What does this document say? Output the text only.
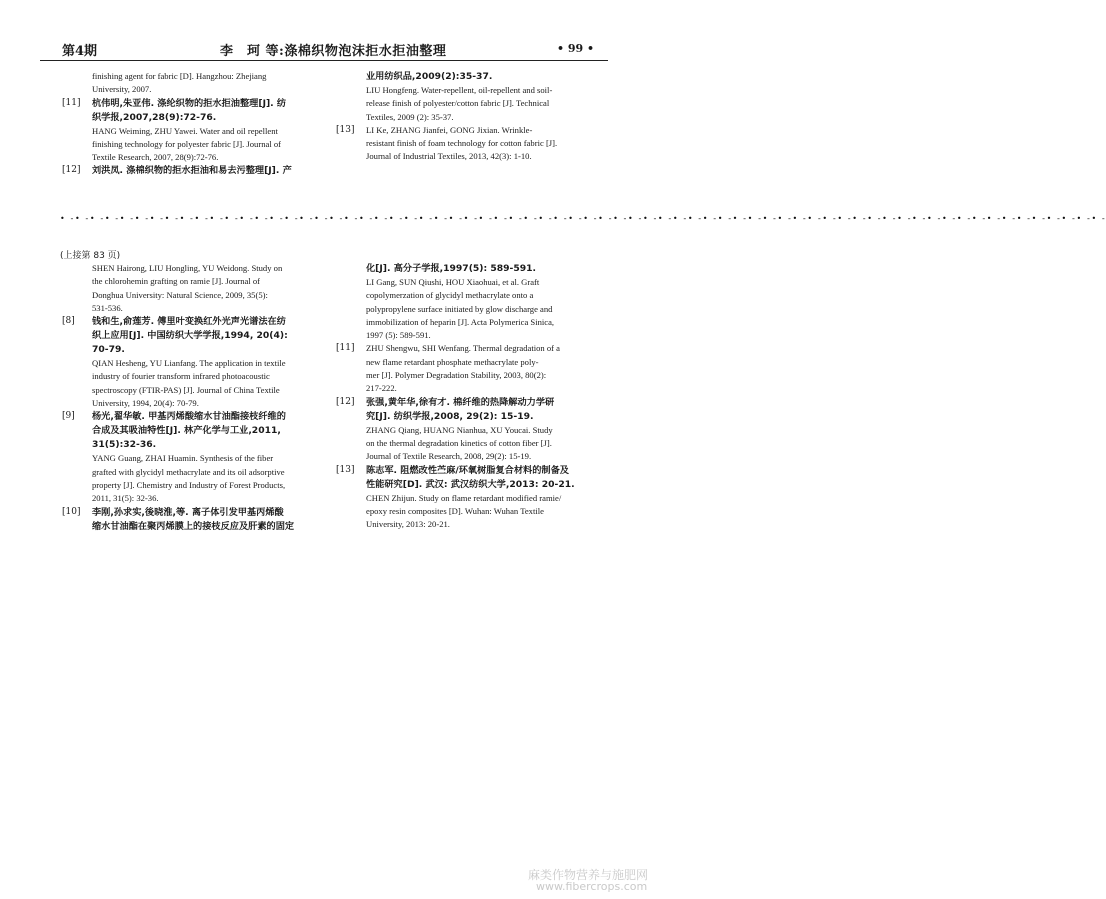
第4期	李　珂 等:涤棉织物泡沫拒水拒油整理	• 99 •
finishing agent for fabric [D]. Hangzhou: Zhejiang
University, 2007.
[11] 杭伟明,朱亚伟. 涤纶织物的拒水拒油整理[J]. 纺
织学报,2007,28(9):72-76.
HANG Weiming, ZHU Yawei. Water and oil repellent
finishing technology for polyester fabric [J]. Journal of
Textile Research, 2007, 28(9):72-76.
[12] 刘洪凤. 涤棉织物的拒水拒油和易去污整理[J]. 产
业用纺织品,2009(2):35-37.
LIU Hongfeng. Water-repellent, oil-repellent and soil-
release finish of polyester/cotton fabric [J]. Technical
Textiles, 2009 (2): 35-37.
[13] LI Ke, ZHANG Jianfei, GONG Jixian. Wrinkle-
resistant finish of foam technology for cotton fabric [J].
Journal of Industrial Textiles, 2013, 42(3): 1-10.
• -• -• -• -• -• -• -• -• -• -• -• -• -• -• -• -• -• -• -• -• -• -• -• -• -• -• -• -• -• -• -• -• -• -• -• -• -• -• -• -• -• -• -• -• -• -• -• -• -• -• -• -• -• -• -• -• -• -• -• -• -• -• -• -• -• -• -• -• -• -
(上接第 83 页)
SHEN Hairong, LIU Hongling, YU Weidong. Study on
the chlorohemin grafting on ramie [J]. Journal of
Donghua University: Natural Science, 2009, 35(5):
531-536.
[8] 钱和生,俞莲芳. 傅里叶变换红外光声光谱法在纺
织上应用[J]. 中国纺织大学学报,1994, 20(4):
70-79.
QIAN Hesheng, YU Lianfang. The application in textile
industry of fourier transform infrared photoacoustic
spectroscopy (FTIR-PAS) [J]. Journal of China Textile
University, 1994, 20(4): 70-79.
[9] 杨光,翟华敏. 甲基丙烯酸缩水甘油酯接枝纤维的
合成及其吸油特性[J]. 林产化学与工业,2011,
31(5):32-36.
YANG Guang, ZHAI Huamin. Synthesis of the fiber
grafted with glycidyl methacrylate and its oil adsorptive
property [J]. Chemistry and Industry of Forest Products,
2011, 31(5): 32-36.
[10] 李刚,孙求实,後晓淮,等. 离子体引发甲基丙烯酸
缩水甘油酯在聚丙烯膜上的接枝反应及肝素的固定
化[J]. 高分子学报,1997(5): 589-591.
LI Gang, SUN Qiushi, HOU Xiaohuai, et al. Graft
copolymerzation of glycidyl methacrylate onto a
polypropylene surface initiated by glow discharge and
immobilization of heparin [J]. Acta Polymerica Sinica,
1997 (5): 589-591.
[11] ZHU Shengwu, SHI Wenfang. Thermal degradation of a
new flame retardant phosphate methacrylate poly-
mer [J]. Polymer Degradation Stability, 2003, 80(2):
217-222.
[12] 张强,黄年华,徐有才. 棉纤维的热降解动力学研
究[J]. 纺织学报,2008, 29(2): 15-19.
ZHANG Qiang, HUANG Nianhua, XU Youcai. Study
on the thermal degradation kinetics of cotton fiber [J].
Journal of Textile Research, 2008, 29(2): 15-19.
[13] 陈志军. 阻燃改性苎麻/环氧树脂复合材料的制备及
性能研究[D]. 武汉: 武汉纺织大学,2013: 20-21.
CHEN Zhijun. Study on flame retardant modified ramie/
epoxy resin composites [D]. Wuhan: Wuhan Textile
University, 2013: 20-21.
麻类作物营养与施肥网
www.fibercrops.com
